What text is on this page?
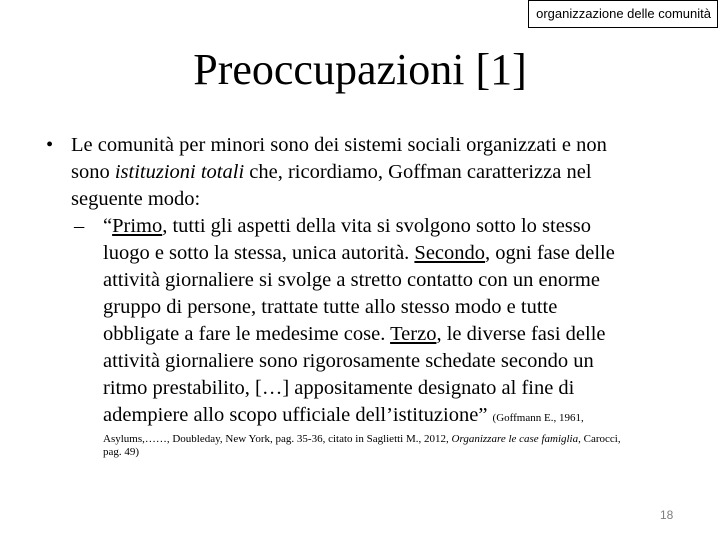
organizzazione delle comunità
Preoccupazioni [1]
• Le comunità per minori sono dei sistemi sociali organizzati e non
sono istituzioni totali che, ricordiamo, Goffman caratterizza nel
seguente modo:
– “Primo, tutti gli aspetti della vita si svolgono sotto lo stesso
luogo e sotto la stessa, unica autorità. Secondo, ogni fase delle
attività giornaliere si svolge a stretto contatto con un enorme
gruppo di persone, trattate tutte allo stesso modo e tutte
obbligate a fare le medesime cose. Terzo, le diverse fasi delle
attività giornaliere sono rigorosamente schedate secondo un
ritmo prestabilito, […] appositamente designato al fine di
adempiere allo scopo ufficiale dell’istituzione” (Goffmann E., 1961,
Asylums,……, Doubleday, New York, pag. 35-36, citato in Saglietti M., 2012, Organizzare le case famiglia, Carocci,
pag. 49)
18
